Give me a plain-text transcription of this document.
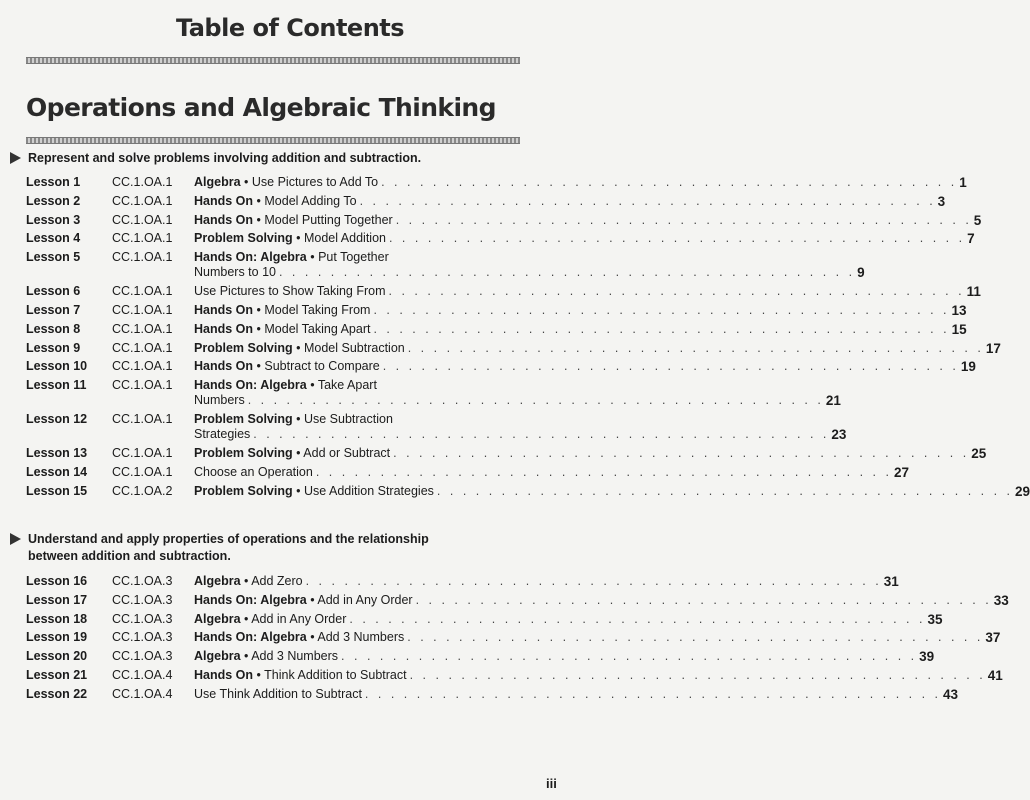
Table of Contents
Operations and Algebraic Thinking
Represent and solve problems involving addition and subtraction.
Lesson 1	CC.1.OA.1 Algebra • Use Pictures to Add To . . . . . . . . . . . . . . . . . . . . . . . . . . . . . . . . . . . . . . . . . . . . . 1
Lesson 2	CC.1.OA.1 Hands On • Model Adding To . . . . . . . . . . . . . . . . . . . . . . . . . . . . . . . . . . . . . . . . . . . . . 3
Lesson 3	CC.1.OA.1 Hands On • Model Putting Together . . . . . . . . . . . . . . . . . . . . . . . . . . . . . . . . . . . . . . . . . . . . . 5
Lesson 4	CC.1.OA.1 Problem Solving • Model Addition . . . . . . . . . . . . . . . . . . . . . . . . . . . . . . . . . . . . . . . . . . . . . 7
Lesson 5	CC.1.OA.1 Hands On: Algebra • Put Together
Numbers to 10 . . . . . . . . . . . . . . . . . . . . . . . . . . . . . . . . . . . . . . . . . . . . . 9
Lesson 6	CC.1.OA.1 Use Pictures to Show Taking From . . . . . . . . . . . . . . . . . . . . . . . . . . . . . . . . . . . . . . . . . . . . . 11
Lesson 7	CC.1.OA.1 Hands On • Model Taking From . . . . . . . . . . . . . . . . . . . . . . . . . . . . . . . . . . . . . . . . . . . . . 13
Lesson 8	CC.1.OA.1 Hands On • Model Taking Apart . . . . . . . . . . . . . . . . . . . . . . . . . . . . . . . . . . . . . . . . . . . . . 15
Lesson 9	CC.1.OA.1 Problem Solving • Model Subtraction . . . . . . . . . . . . . . . . . . . . . . . . . . . . . . . . . . . . . . . . . . . . . 17
Lesson 10 CC.1.OA.1 Hands On • Subtract to Compare . . . . . . . . . . . . . . . . . . . . . . . . . . . . . . . . . . . . . . . . . . . . . 19
Lesson 11 CC.1.OA.1 Hands On: Algebra • Take Apart
Numbers . . . . . . . . . . . . . . . . . . . . . . . . . . . . . . . . . . . . . . . . . . . . . 21
Lesson 12 CC.1.OA.1 Problem Solving • Use Subtraction
Strategies . . . . . . . . . . . . . . . . . . . . . . . . . . . . . . . . . . . . . . . . . . . . . 23
Lesson 13 CC.1.OA.1 Problem Solving • Add or Subtract . . . . . . . . . . . . . . . . . . . . . . . . . . . . . . . . . . . . . . . . . . . . . 25
Lesson 14 CC.1.OA.1 Choose an Operation . . . . . . . . . . . . . . . . . . . . . . . . . . . . . . . . . . . . . . . . . . . . . 27
Lesson 15 CC.1.OA.2 Problem Solving • Use Addition Strategies . . . . . . . . . . . . . . . . . . . . . . . . . . . . . . . . . . . . . . . . . . . . . 29
Understand and apply properties of operations and the relationship between addition and subtraction.
Lesson 16 CC.1.OA.3 Algebra • Add Zero . . . . . . . . . . . . . . . . . . . . . . . . . . . . . . . . . . . . . . . . . . . . . 31
Lesson 17 CC.1.OA.3 Hands On: Algebra • Add in Any Order . . . . . . . . . . . . . . . . . . . . . . . . . . . . . . . . . . . . . . . . . . . . . 33
Lesson 18 CC.1.OA.3 Algebra • Add in Any Order . . . . . . . . . . . . . . . . . . . . . . . . . . . . . . . . . . . . . . . . . . . . . 35
Lesson 19 CC.1.OA.3 Hands On: Algebra • Add 3 Numbers . . . . . . . . . . . . . . . . . . . . . . . . . . . . . . . . . . . . . . . . . . . . . 37
Lesson 20 CC.1.OA.3 Algebra • Add 3 Numbers . . . . . . . . . . . . . . . . . . . . . . . . . . . . . . . . . . . . . . . . . . . . . 39
Lesson 21 CC.1.OA.4 Hands On • Think Addition to Subtract . . . . . . . . . . . . . . . . . . . . . . . . . . . . . . . . . . . . . . . . . . . . . 41
Lesson 22 CC.1.OA.4 Use Think Addition to Subtract . . . . . . . . . . . . . . . . . . . . . . . . . . . . . . . . . . . . . . . . . . . . . 43
iii
